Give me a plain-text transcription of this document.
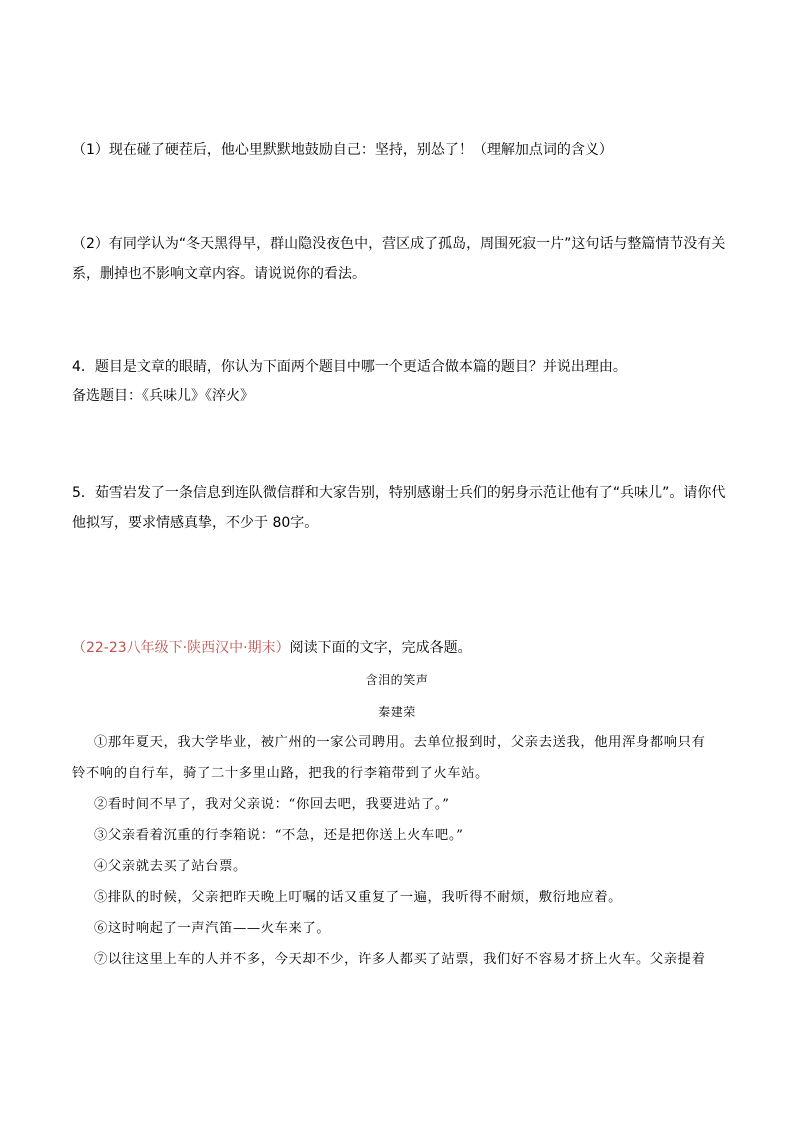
（1）现在碰了硬茬后，他心里默默地鼓励自己：坚持，别怂了！（理解加点词的含义）
（2）有同学认为“冬天黑得早，群山隐没夜色中，营区成了孤岛，周围死寂一片”这句话与整篇情节没有关
系，删掉也不影响文章内容。请说说你的看法。
4．题目是文章的眼睛，你认为下面两个题目中哪一个更适合做本篇的题目？并说出理由。
备选题目：《兵味儿》《淬火》
5．茹雪岩发了一条信息到连队微信群和大家告别，特别感谢士兵们的躬身示范让他有了“兵味儿”。请你代
他拟写，要求情感真挚，不少于 80字。
（22-23八年级下·陕西汉中·期末）阅读下面的文字，完成各题。
含泪的笑声
秦建荣
①那年夏天，我大学毕业，被广州的一家公司聘用。去单位报到时，父亲去送我，他用浑身都响只有
铃不响的自行车，骑了二十多里山路，把我的行李箱带到了火车站。
②看时间不早了，我对父亲说：“你回去吧，我要进站了。”
③父亲看着沉重的行李箱说：“不急，还是把你送上火车吧。”
④父亲就去买了站台票。
⑤排队的时候，父亲把昨天晚上叮嘱的话又重复了一遍，我听得不耐烦，敷衍地应着。
⑥这时响起了一声汽笛——火车来了。
⑦以往这里上车的人并不多，今天却不少，许多人都买了站票，我们好不容易才挤上火车。父亲提着
